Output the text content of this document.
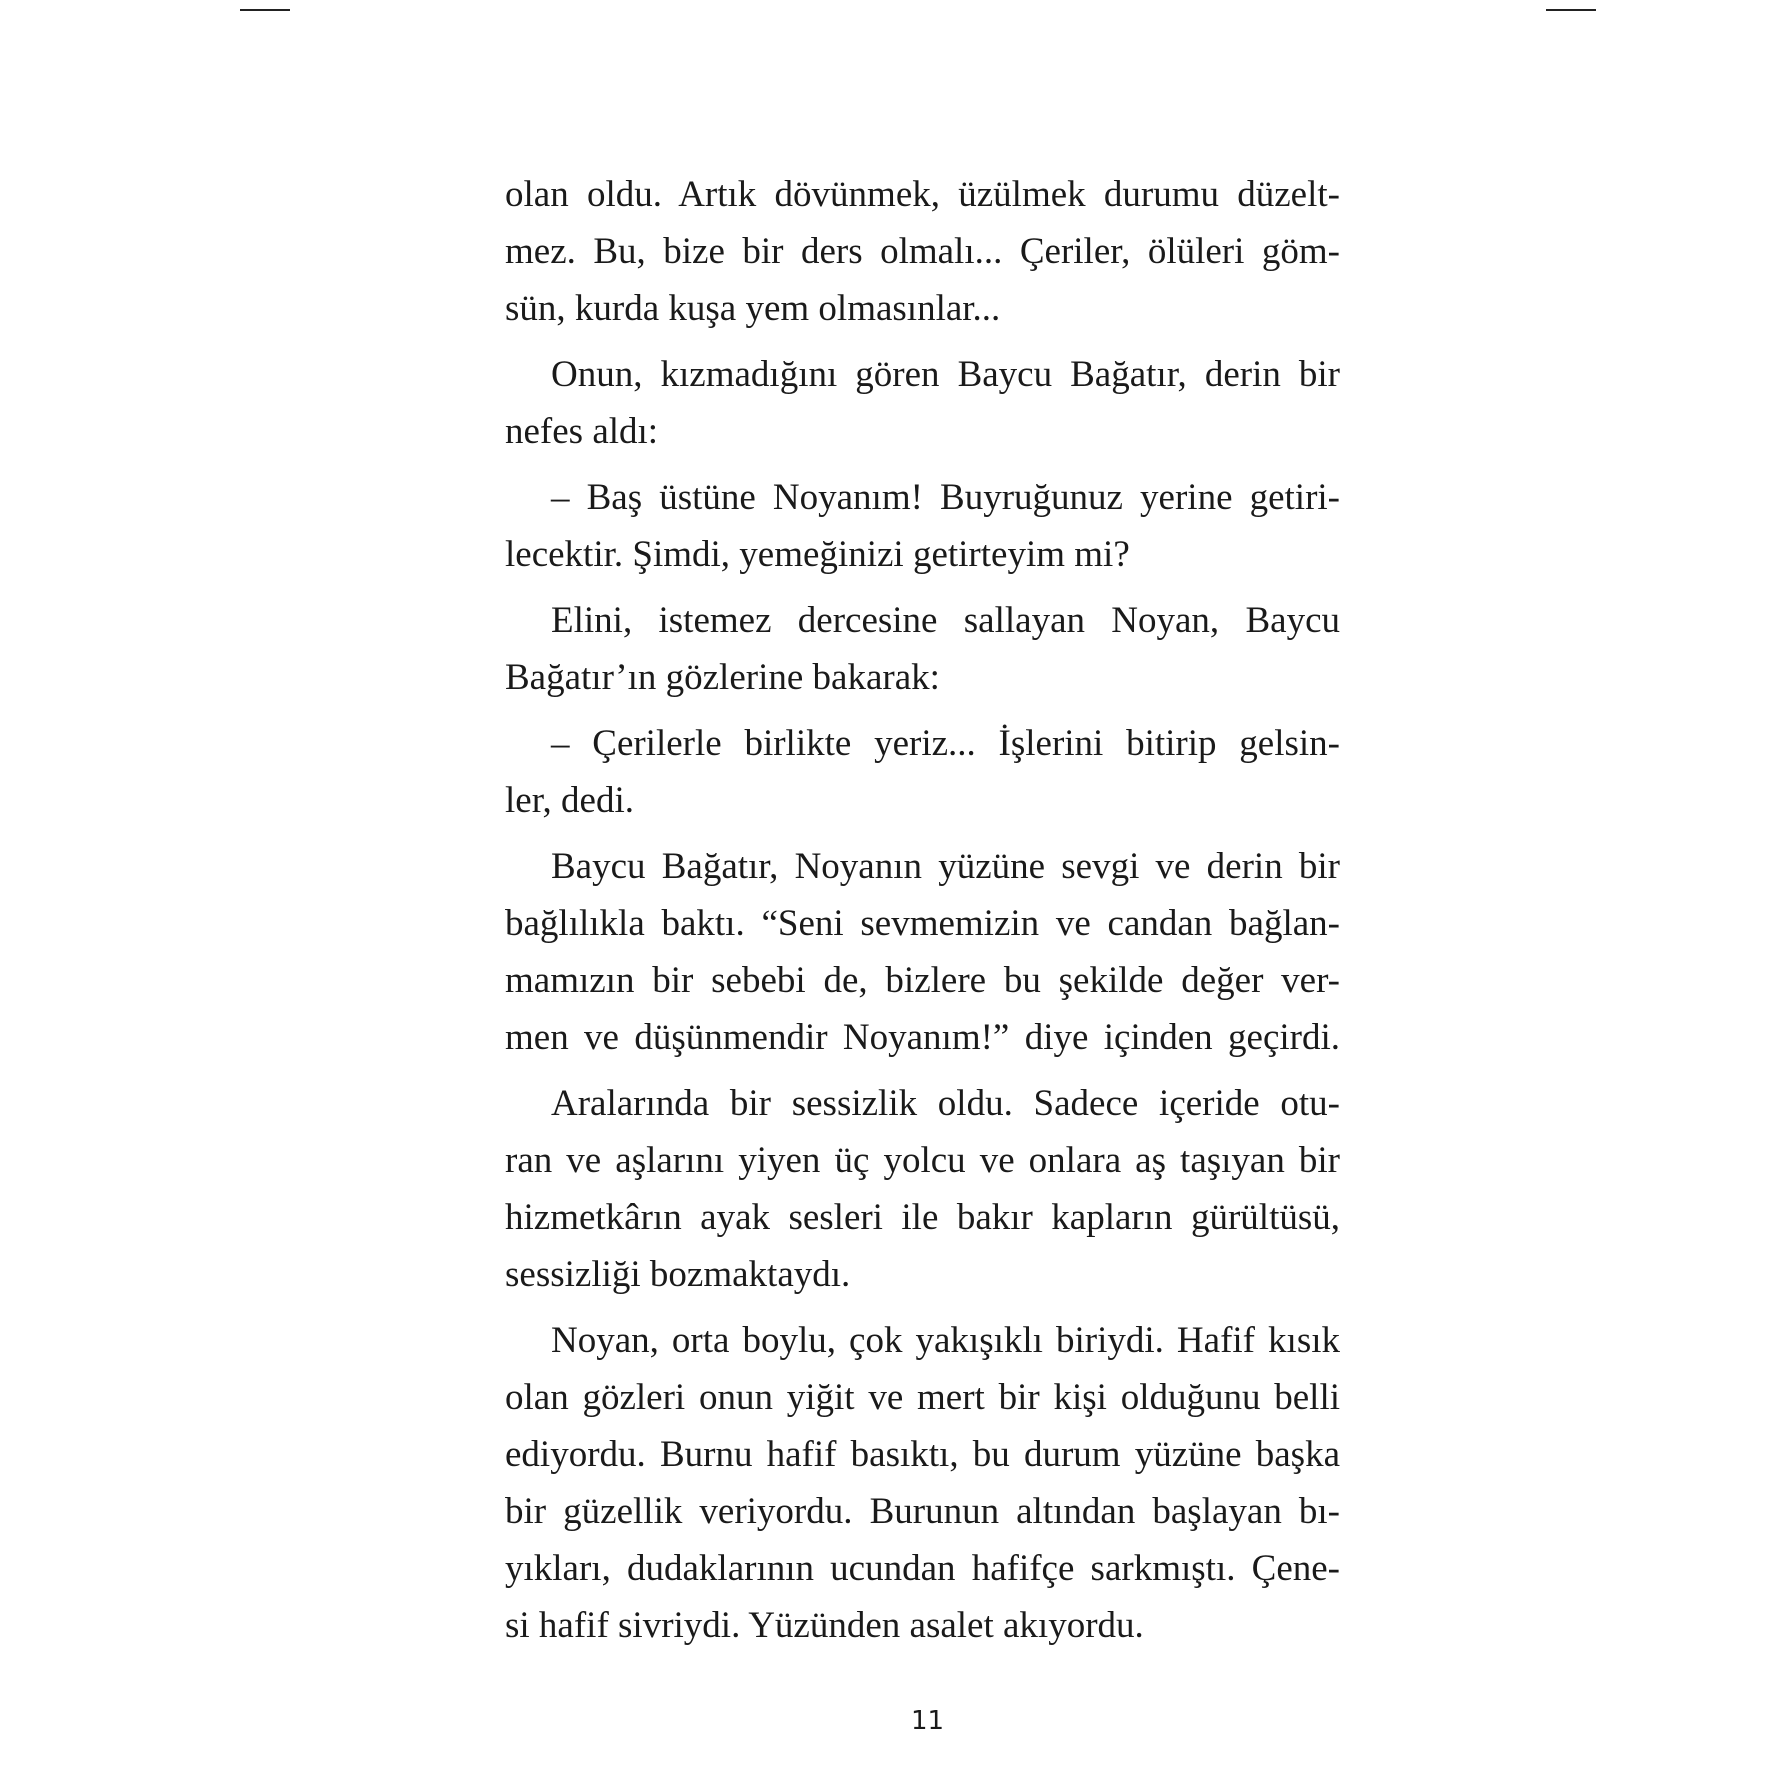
olan oldu. Artık dövünmek, üzülmek durumu düzelt-
mez. Bu, bize bir ders olmalı... Çeriler, ölüleri göm-
sün, kurda kuşa yem olmasınlar...
Onun, kızmadığını gören Baycu Bağatır, derin bir
nefes aldı:
– Baş üstüne Noyanım! Buyruğunuz yerine getiri-
lecektir. Şimdi, yemeğinizi getirteyim mi?
Elini, istemez dercesine sallayan Noyan, Baycu
Bağatır’ın gözlerine bakarak:
– Çerilerle birlikte yeriz... İşlerini bitirip gelsin-
ler, dedi.
Baycu Bağatır, Noyanın yüzüne sevgi ve derin bir
bağlılıkla baktı. “Seni sevmemizin ve candan bağlan-
mamızın bir sebebi de, bizlere bu şekilde değer ver-
men ve düşünmendir Noyanım!” diye içinden geçirdi.
Aralarında bir sessizlik oldu. Sadece içeride otu-
ran ve aşlarını yiyen üç yolcu ve onlara aş taşıyan bir
hizmetkârın ayak sesleri ile bakır kapların gürültüsü,
sessizliği bozmaktaydı.
Noyan, orta boylu, çok yakışıklı biriydi. Hafif kısık
olan gözleri onun yiğit ve mert bir kişi olduğunu belli
ediyordu. Burnu hafif basıktı, bu durum yüzüne başka
bir güzellik veriyordu. Burunun altından başlayan bı-
yıkları, dudaklarının ucundan hafifçe sarkmıştı. Çene-
si hafif sivriydi. Yüzünden asalet akıyordu.
11
